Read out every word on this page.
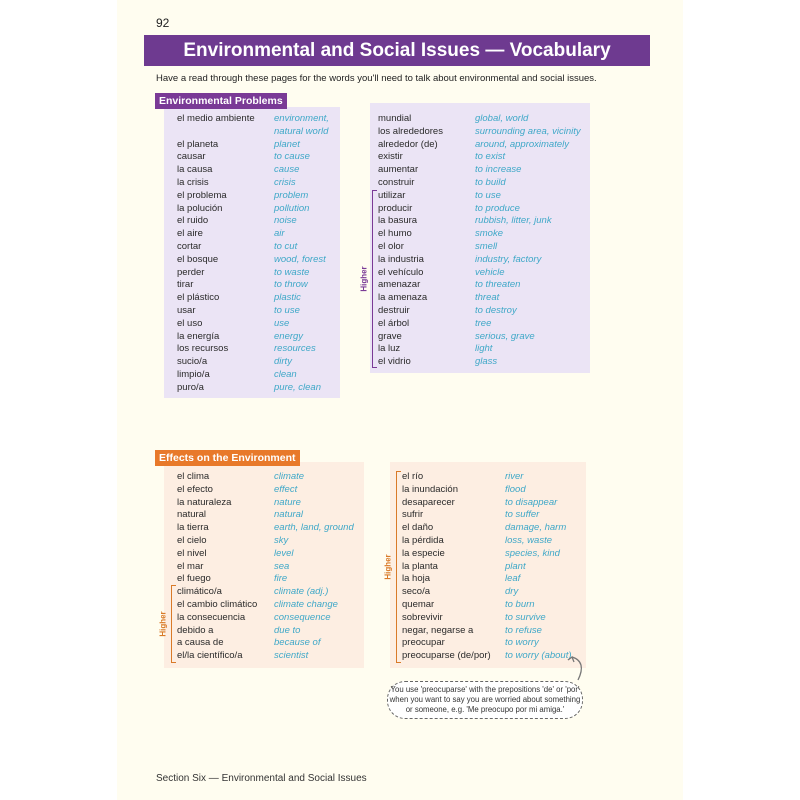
92
Environmental and Social Issues — Vocabulary
Have a read through these pages for the words you'll need to talk about environmental and social issues.
Environmental Problems
el medio ambiente	environment,
natural world
el planeta	planet
causar	to cause
la causa	cause
la crisis	crisis
el problema	problem
la polución	pollution
el ruido	noise
el aire	air
cortar	to cut
el bosque	wood, forest
perder	to waste
tirar	to throw
el plástico	plastic
usar	to use
el uso	use
la energía	energy
los recursos	resources
sucio/a	dirty
limpio/a	clean
puro/a	pure, clean
mundial	global, world
los alrededores	surrounding area, vicinity
alrededor (de)	around, approximately
existir	to exist
aumentar	to increase
construir	to build
utilizar	to use
producir	to produce
la basura	rubbish, litter, junk
el humo	smoke
el olor	smell
la industria	industry, factory
el vehículo	vehicle
amenazar	to threaten
la amenaza	threat
destruir	to destroy
el árbol	tree
grave	serious, grave
la luz	light
el vidrio	glass
Higher
Effects on the Environment
el clima	climate
el efecto	effect
la naturaleza	nature
natural	natural
la tierra	earth, land, ground
el cielo	sky
el nivel	level
el mar	sea
el fuego	fire
climático/a	climate (adj.)
el cambio climático	climate change
la consecuencia	consequence
debido a	due to
a causa de	because of
el/la científico/a	scientist
el río	river
la inundación	flood
desaparecer	to disappear
sufrir	to suffer
el daño	damage, harm
la pérdida	loss, waste
la especie	species, kind
la planta	plant
la hoja	leaf
seco/a	dry
quemar	to burn
sobrevivir	to survive
negar, negarse a	to refuse
preocupar	to worry
preocuparse (de/por)	to worry (about)
Higher
Higher
You use 'preocuparse' with the prepositions 'de' or 'por'
when you want to say you are worried about something
or someone, e.g. 'Me preocupo por mi amiga.'
Section Six — Environmental and Social Issues
